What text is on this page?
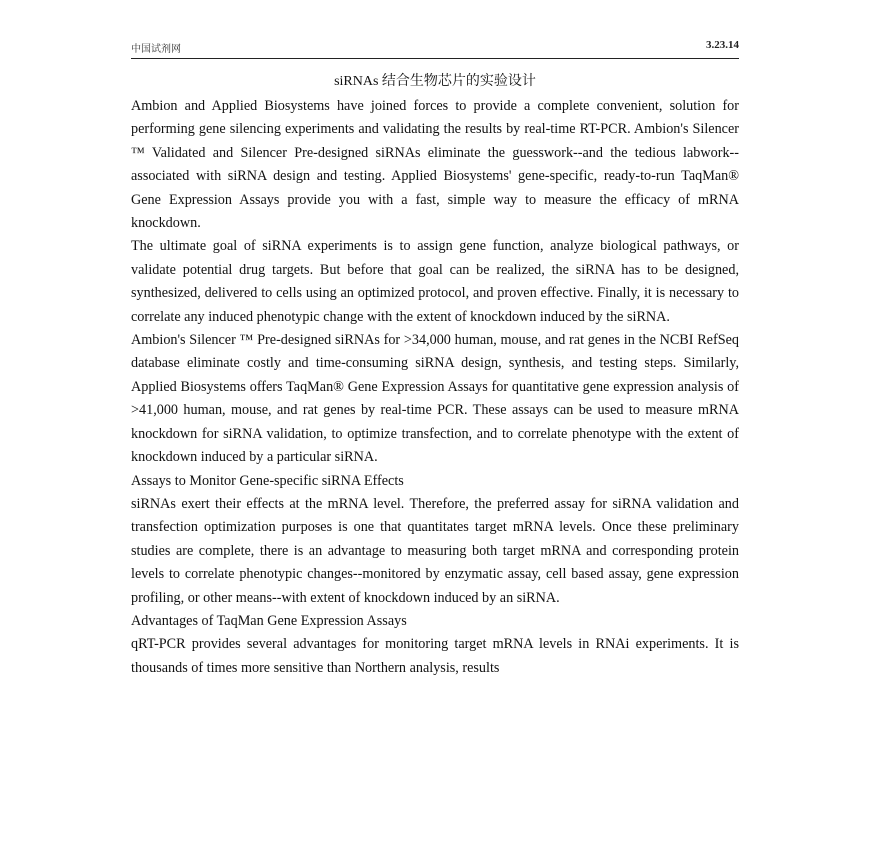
中国试剂网	3.23.14
siRNAs 结合生物芯片的实验设计

Ambion and Applied Biosystems have joined forces to provide a complete convenient, solution for performing gene silencing experiments and validating the results by real-time RT-PCR. Ambion's Silencer ™ Validated and Silencer Pre-designed siRNAs eliminate the guesswork--and the tedious labwork--associated with siRNA design and testing. Applied Biosystems' gene-specific, ready-to-run TaqMan® Gene Expression Assays provide you with a fast, simple way to measure the efficacy of mRNA knockdown.

The ultimate goal of siRNA experiments is to assign gene function, analyze biological pathways, or validate potential drug targets. But before that goal can be realized, the siRNA has to be designed, synthesized, delivered to cells using an optimized protocol, and proven effective. Finally, it is necessary to correlate any induced phenotypic change with the extent of knockdown induced by the siRNA.

Ambion's Silencer ™ Pre-designed siRNAs for >34,000 human, mouse, and rat genes in the NCBI RefSeq database eliminate costly and time-consuming siRNA design, synthesis, and testing steps. Similarly, Applied Biosystems offers TaqMan® Gene Expression Assays for quantitative gene expression analysis of >41,000 human, mouse, and rat genes by real-time PCR. These assays can be used to measure mRNA knockdown for siRNA validation, to optimize transfection, and to correlate phenotype with the extent of knockdown induced by a particular siRNA.

Assays to Monitor Gene-specific siRNA Effects

siRNAs exert their effects at the mRNA level. Therefore, the preferred assay for siRNA validation and transfection optimization purposes is one that quantitates target mRNA levels. Once these preliminary studies are complete, there is an advantage to measuring both target mRNA and corresponding protein levels to correlate phenotypic changes--monitored by enzymatic assay, cell based assay, gene expression profiling, or other means--with extent of knockdown induced by an siRNA.

Advantages of TaqMan Gene Expression Assays

qRT-PCR provides several advantages for monitoring target mRNA levels in RNAi experiments. It is thousands of times more sensitive than Northern analysis, results
